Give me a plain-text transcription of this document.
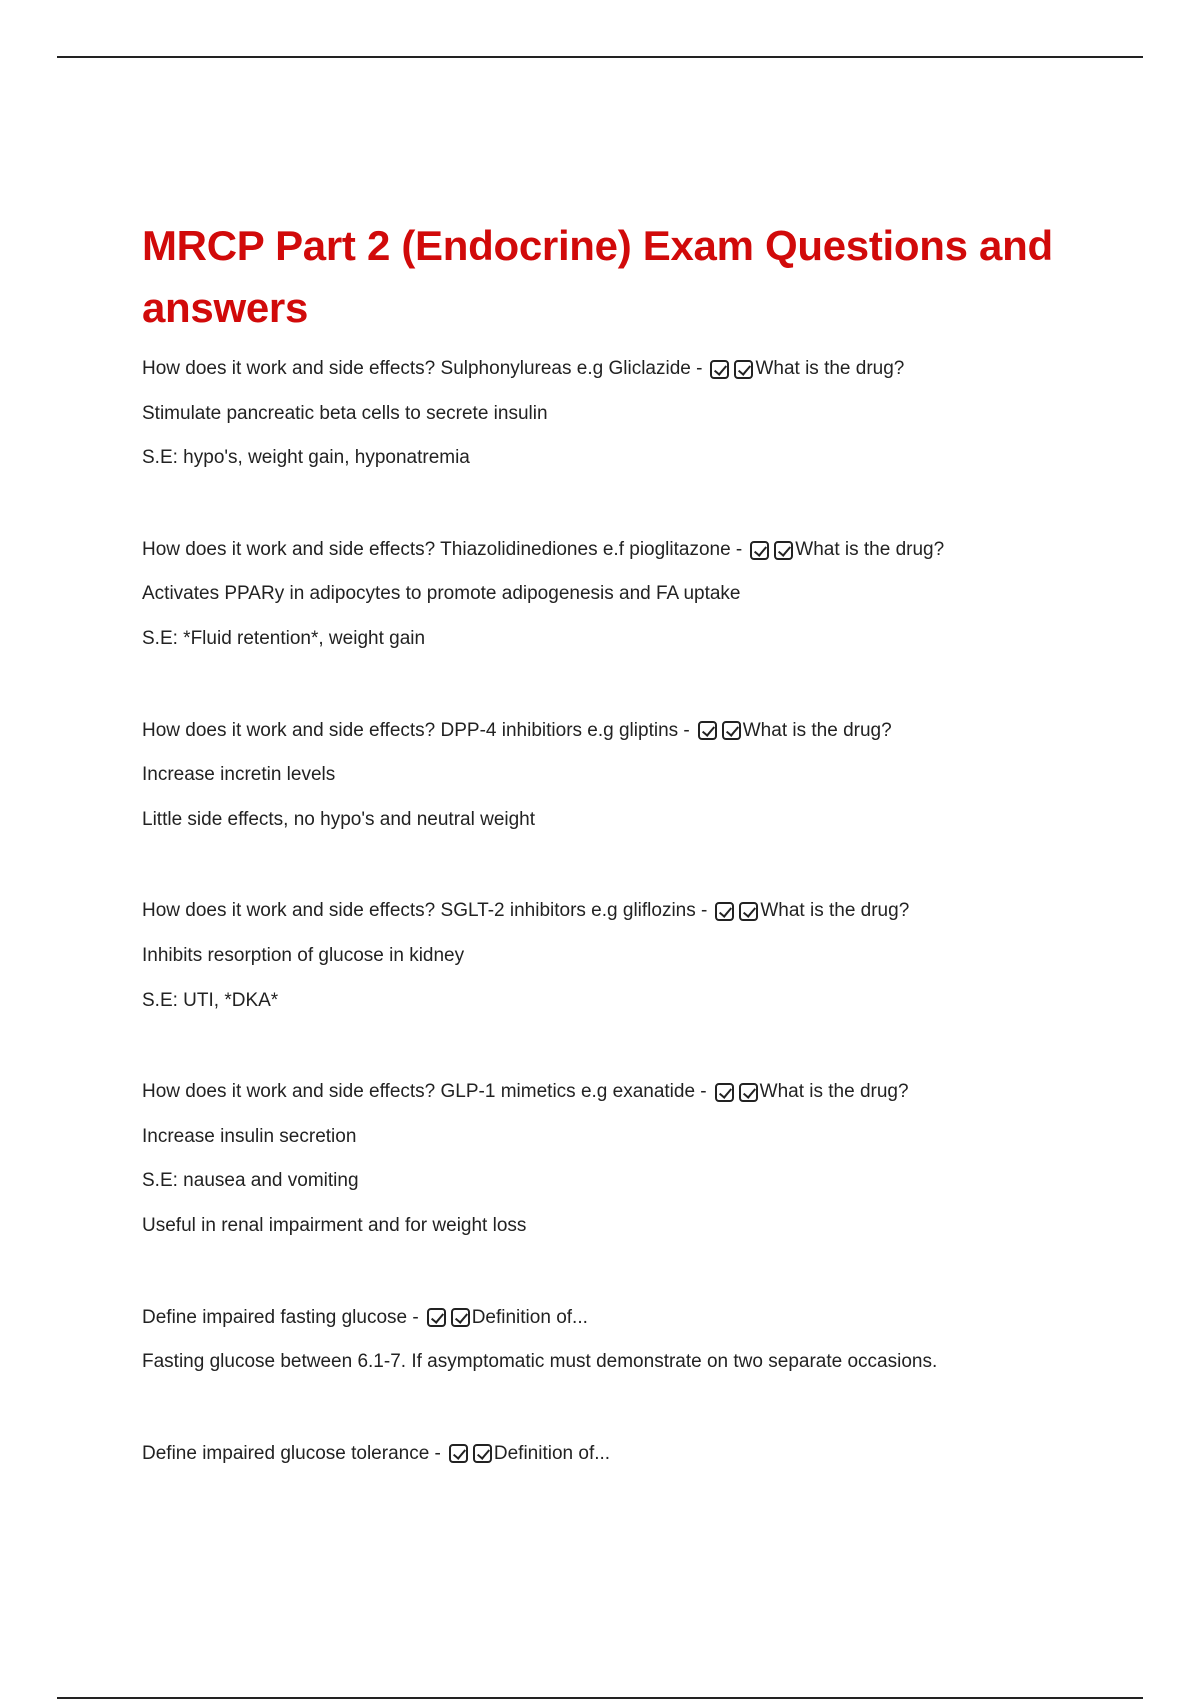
MRCP Part 2 (Endocrine) Exam Questions and answers
How does it work and side effects? Sulphonylureas e.g Gliclazide -	What is the drug?
Stimulate pancreatic beta cells to secrete insulin
S.E: hypo's, weight gain, hyponatremia
How does it work and side effects? Thiazolidinediones e.f pioglitazone -	What is the drug?
Activates PPARy in adipocytes to promote adipogenesis and FA uptake
S.E: *Fluid retention*, weight gain
How does it work and side effects? DPP-4 inhibitiors e.g gliptins -	What is the drug?
Increase incretin levels
Little side effects, no hypo's and neutral weight
How does it work and side effects? SGLT-2 inhibitors e.g gliflozins -	What is the drug?
Inhibits resorption of glucose in kidney
S.E: UTI, *DKA*
How does it work and side effects? GLP-1 mimetics e.g exanatide -	What is the drug?
Increase insulin secretion
S.E: nausea and vomiting
Useful in renal impairment and for weight loss
Define impaired fasting glucose -	Definition of...
Fasting glucose between 6.1-7. If asymptomatic must demonstrate on two separate occasions.
Define impaired glucose tolerance -	Definition of...
